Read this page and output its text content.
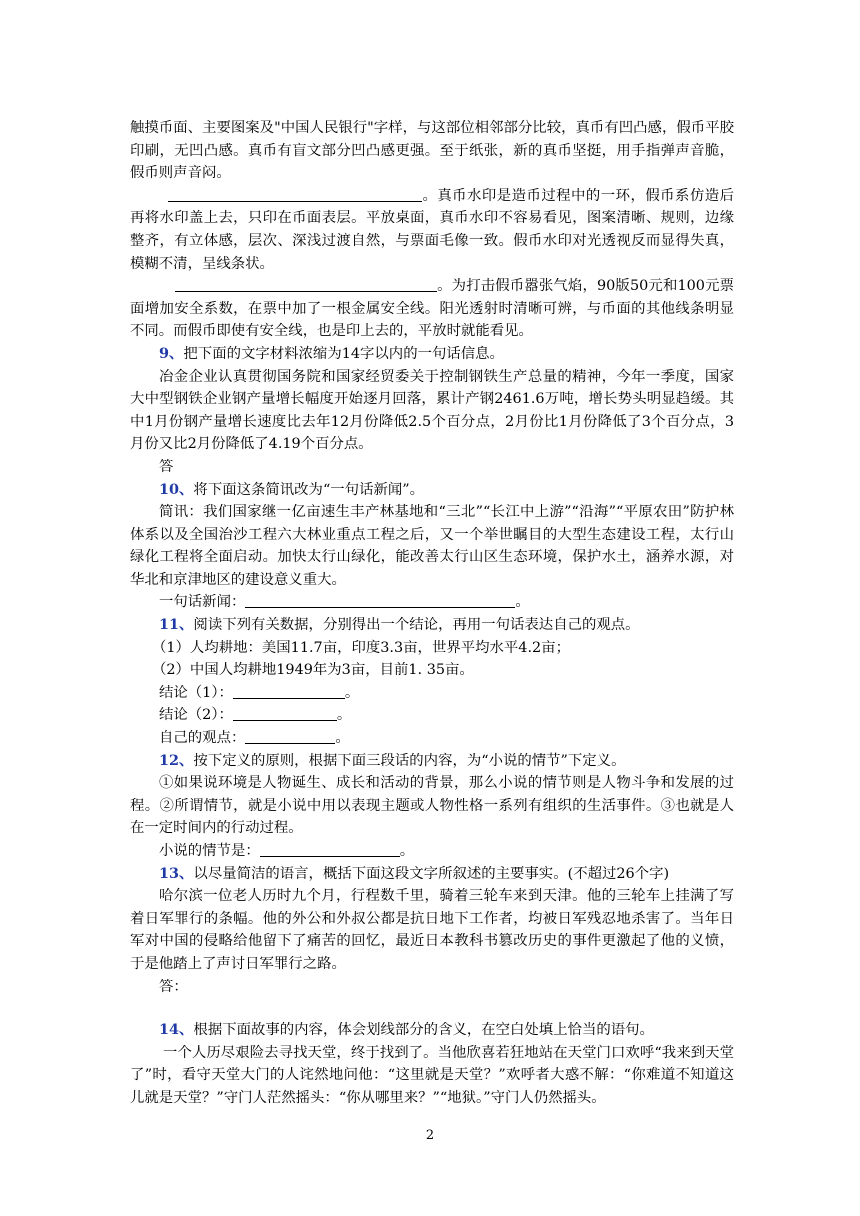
触摸币面、主要图案及"中国人民银行"字样，与这部位相邻部分比较，真币有凹凸感，假币平胶印刷，无凹凸感。真币有盲文部分凹凸感更强。至于纸张，新的真币坚挺，用手指弹声音脆，假币则声音闷。

。真币水印是造币过程中的一环，假币系仿造后再将水印盖上去，只印在币面表层。平放桌面，真币水印不容易看见，图案清晰、规则，边缘整齐，有立体感，层次、深浅过渡自然，与票面毛像一致。假币水印对光透视反而显得失真，模糊不清，呈线条状。

。为打击假币嚣张气焰，90版50元和100元票面增加安全系数，在票中加了一根金属安全线。阳光透射时清晰可辨，与币面的其他线条明显不同。而假币即使有安全线，也是印上去的，平放时就能看见。

9、把下面的文字材料浓缩为14字以内的一句话信息。

冶金企业认真贯彻国务院和国家经贸委关于控制钢铁生产总量的精神，今年一季度，国家大中型钢铁企业钢产量增长幅度开始逐月回落，累计产钢2461.6万吨，增长势头明显趋缓。其中1月份钢产量增长速度比去年12月份降低2.5个百分点，2月份比1月份降低了3个百分点，3月份又比2月份降低了4.19个百分点。

答

10、将下面这条简讯改为“一句话新闻”。

简讯：我们国家继一亿亩速生丰产林基地和“三北”“长江中上游”“沿海”“平原农田”防护林体系以及全国治沙工程六大林业重点工程之后，又一个举世瞩目的大型生态建设工程，太行山绿化工程将全面启动。加快太行山绿化，能改善太行山区生态环境，保护水土，涵养水源，对华北和京津地区的建设意义重大。

一句话新闻：	。

11、阅读下列有关数据，分别得出一个结论，再用一句话表达自己的观点。

（1）人均耕地：美国11.7亩，印度3.3亩，世界平均水平4.2亩；

（2）中国人均耕地1949年为3亩，目前1. 35亩。

结论（1）：	。

结论（2）：	。

自己的观点：	。

12、按下定义的原则，根据下面三段话的内容，为“小说的情节”下定义。

①如果说环境是人物诞生、成长和活动的背景，那么小说的情节则是人物斗争和发展的过程。②所谓情节，就是小说中用以表现主题或人物性格一系列有组织的生活事件。③也就是人在一定时间内的行动过程。

小说的情节是：	。

13、以尽量简洁的语言，概括下面这段文字所叙述的主要事实。(不超过26个字)

哈尔滨一位老人历时九个月，行程数千里，骑着三轮车来到天津。他的三轮车上挂满了写着日军罪行的条幅。他的外公和外叔公都是抗日地下工作者，均被日军残忍地杀害了。当年日军对中国的侵略给他留下了痛苦的回忆，最近日本教科书篡改历史的事件更激起了他的义愤，于是他踏上了声讨日军罪行之路。

答：

14、根据下面故事的内容，体会划线部分的含义，在空白处填上恰当的语句。

一个人历尽艰险去寻找天堂，终于找到了。当他欣喜若狂地站在天堂门口欢呼“我来到天堂了”时，看守天堂大门的人诧然地问他：“这里就是天堂？”欢呼者大惑不解：“你难道不知道这儿就是天堂？”守门人茫然摇头：“你从哪里来？”“地狱。”守门人仍然摇头。

2
